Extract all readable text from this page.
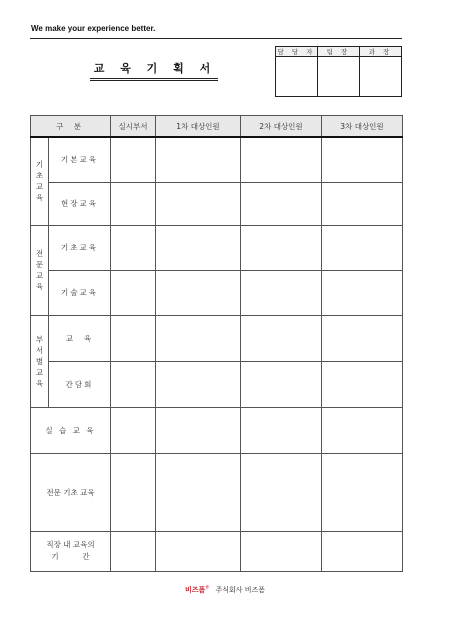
We make your experience better.
교 육 기 획 서
담 당 자	팀 장	과 장

구 분		실시부서	1차 대상인원	2차 대상인원	3차 대상인원

기
초
교
육	기본교육				
	현장교육				

전
문
교
육	기초교육				
	기술교육				

부
서
별
교
육	교  육				
	간담회				
실 습 교 육					
전문 기초 교육					

직장 내 교육의
기          간					

비즈폼® 주식회사 비즈폼
